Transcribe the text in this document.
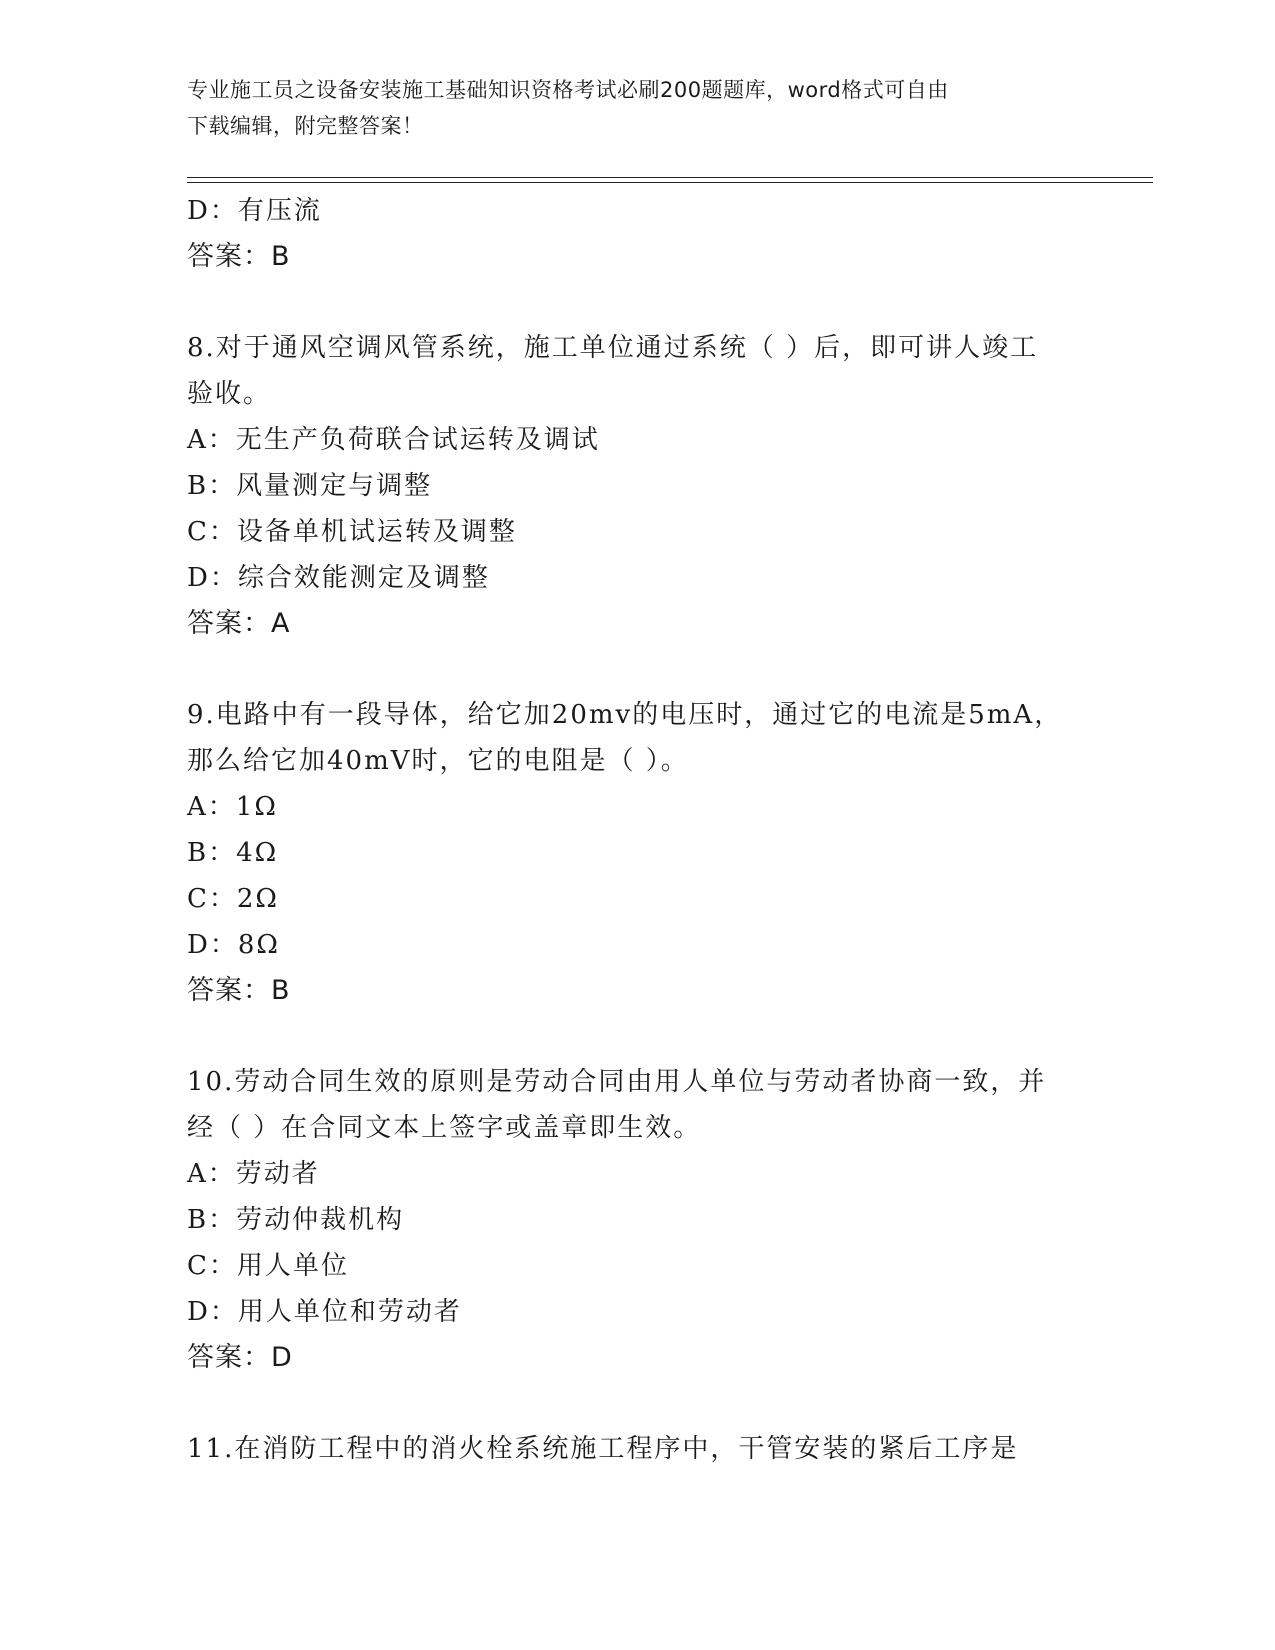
专业施工员之设备安装施工基础知识资格考试必刷200题题库，word格式可自由
下载编辑，附完整答案！
D：有压流
答案：B
8.对于通风空调风管系统，施工单位通过系统（ ）后，即可讲人竣工
验收。
A：无生产负荷联合试运转及调试
B：风量测定与调整
C：设备单机试运转及调整
D：综合效能测定及调整
答案：A
9.电路中有一段导体，给它加20mv的电压时，通过它的电流是5mA，
那么给它加40mV时，它的电阻是（ ）。
A：1Ω
B：4Ω
C：2Ω
D：8Ω
答案：B
10.劳动合同生效的原则是劳动合同由用人单位与劳动者协商一致，并
经（ ）在合同文本上签字或盖章即生效。
A：劳动者
B：劳动仲裁机构
C：用人单位
D：用人单位和劳动者
答案：D
11.在消防工程中的消火栓系统施工程序中，干管安装的紧后工序是
